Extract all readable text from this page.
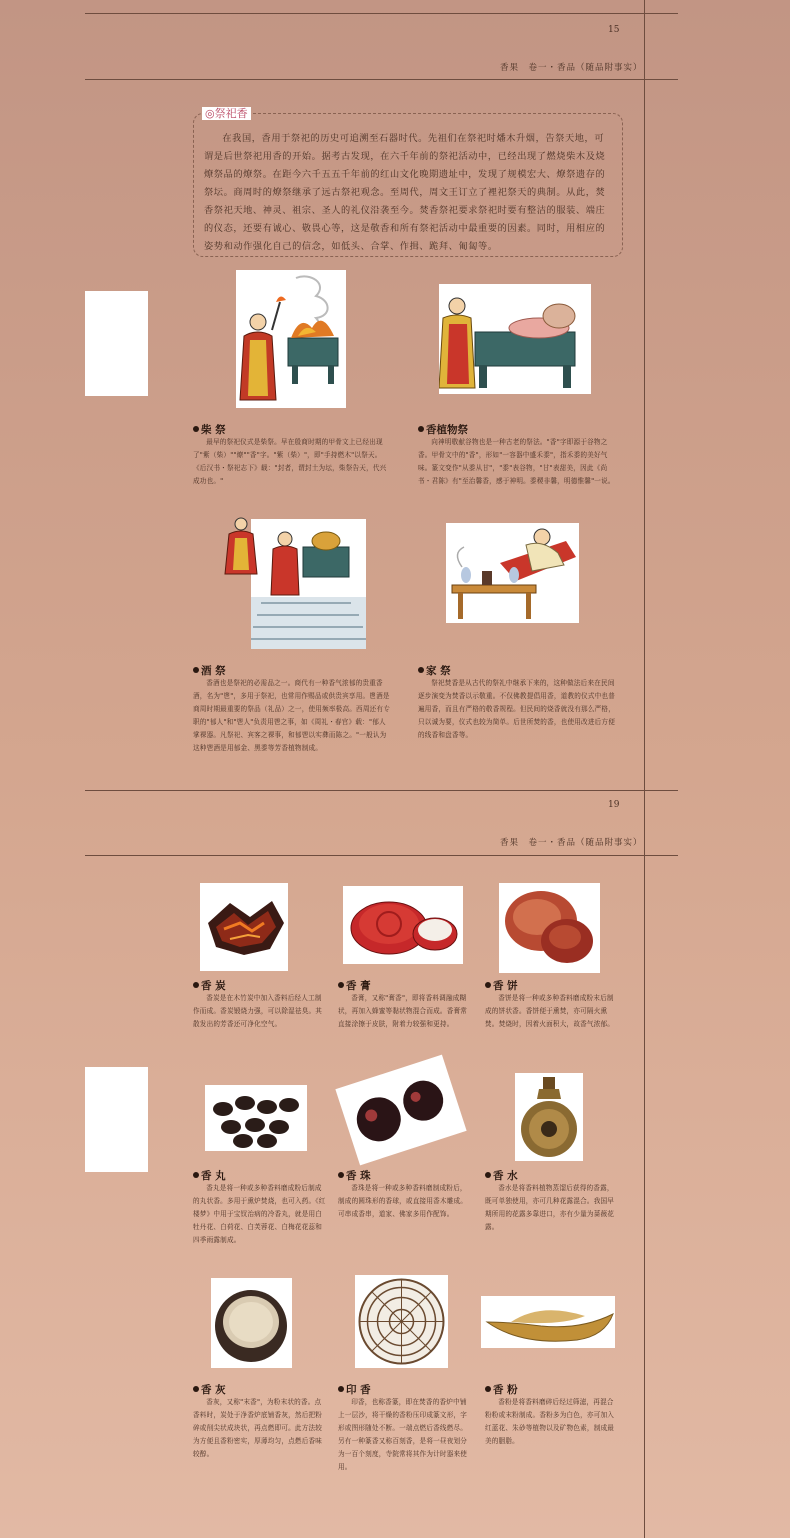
15
香果　卷一・香品（随品附事实）
◎祭祀香

在我国，香用于祭祀的历史可追溯至石器时代。先祖们在祭祀时燔木升烟，告祭天地，可谓是后世祭祀用香的开始。据考古发现，在六千年前的祭祀活动中，已经出现了燃烧柴木及烧燎祭品的燎祭。在距今六千五五千年前的红山文化晚期遗址中，发现了规模宏大、燎祭遗存的祭坛。商周时的燎祭继承了远古祭祀观念。至周代，周文王订立了裡祀祭天的典制。从此，焚香祭祀天地、神灵、祖宗、圣人的礼仪沿袭至今。焚香祭祀要求祭祀时要有整洁的服装、端庄的仪态，还要有诚心、敬畏心等，这是敬香和所有祭祀活动中最重要的因素。同时，用相应的姿势和动作强化自己的信念，如低头、合掌、作揖、跪拜、匍匐等。

柴 祭

最早的祭祀仪式是柴祭。早在殷商时期的甲骨文上已经出现了"紫（柴）""燎""香"字。"紫（柴）"，即"手持燃木"以祭天。《后汉书・祭祀志下》载："封者，谓封土为坛，柴祭告天，代兴成功也。"

香植物祭

向神明敬献谷物也是一种古老的祭法。"香"字即源于谷物之香。甲骨文中的"香"，形如"一容器中盛禾黍"，指禾黍的美好气味。篆文变作"从黍从甘"，"黍"表谷物，"甘"表甜美，因此《尚书・君陈》有"至治馨香，感于神明。黍稷非馨，明德惟馨"一说。

酒 祭

香酒也是祭祀的必需品之一。商代有一种香气浓郁的贵重香酒，名为"鬯"，多用于祭祀，也常用作赐品或供贵宾享用。鬯酒是商周时期最重要的祭品（礼品）之一，使用频率极高。西周还有专职的"郁人"和"鬯人"负责用鬯之事，如《周礼・春官》载："郁人掌祼器。凡祭祀、宾客之祼事，和郁鬯以实彝而陈之。"一般认为这种鬯酒是用郁金、黑黍等芳香植物制成。

家 祭

祭祀焚香是从古代的祭礼中继承下来的，这种做法后来在民间逐步演变为焚香以示敬重。不仅佛教提倡用香，道教的仪式中也普遍用香，而且有严格的敬香规程。但民间的烧香就没有那么严格，只以诚为要，仪式也较为简单。后世所焚的香，也使用改进后方便的线香和盘香等。

19
香果　卷一・香品（随品附事实）
香 炭

香炭是在木竹炭中加入香料后经人工制作而成。香炭锻烧力强，可以除湿祛臭。其散发出的芳香还可净化空气。

香 膏

香膏，又称"膏香"，即将香料调融成糊状，再加入蜂蜜等黏状物混合而成。香膏常直接涂擦于皮肤，附着力较强和更持。

香 饼

香饼是将一种或多种香料磨成粉末后制成的饼状香。香饼便于熏焚，亦可隔火熏焚。焚烧时，因着火面积大，故香气浓郁。

香 丸

香丸是将一种或多种香料磨成粉后制成的丸状香。多用于熏炉焚烧，也可入药。《红楼梦》中用于宝钗治病的冷香丸，就是用白牡丹花、白荷花、白芙蓉花、白梅花花蕊和四季雨露制成。

香 珠

香珠是将一种或多种香料磨制成粉后，制成的圆珠形的香球，或直接用香木雕成。可串成香串，道家、佛家多用作配饰。

香 水

香水是将香料植物蒸馏后获得的香露，既可单独使用，亦可几种花露混合。我国早期所用的花露多靠进口，亦有少量为蔷薇花露。

香 灰

香灰，又称"末香"，为粉末状的香。点香料时，炭处于净香炉底铺香灰，然后把粉碎或削尖状成块状，再点燃即可。此方法较为方便且香粉密实，厚薄均匀，点燃后香味较醇。

印 香

印香，也称香篆，即在焚香的香炉中铺上一层沙，将干燥的香粉压印成篆文形，字形或图形随处不断。一端点燃后香线燃尽。另有一种篆香又称百刻香，是将一昼夜划分为一百个刻度，寺院常将其作为计时器来使用。

香 粉

香粉是将香料磨碎后经过筛滤，再混合粉粉或末粉制成。香粉多为白色，亦可加入红蓝花、朱砂等植物以及矿物色素，制成最美的胭脂。
